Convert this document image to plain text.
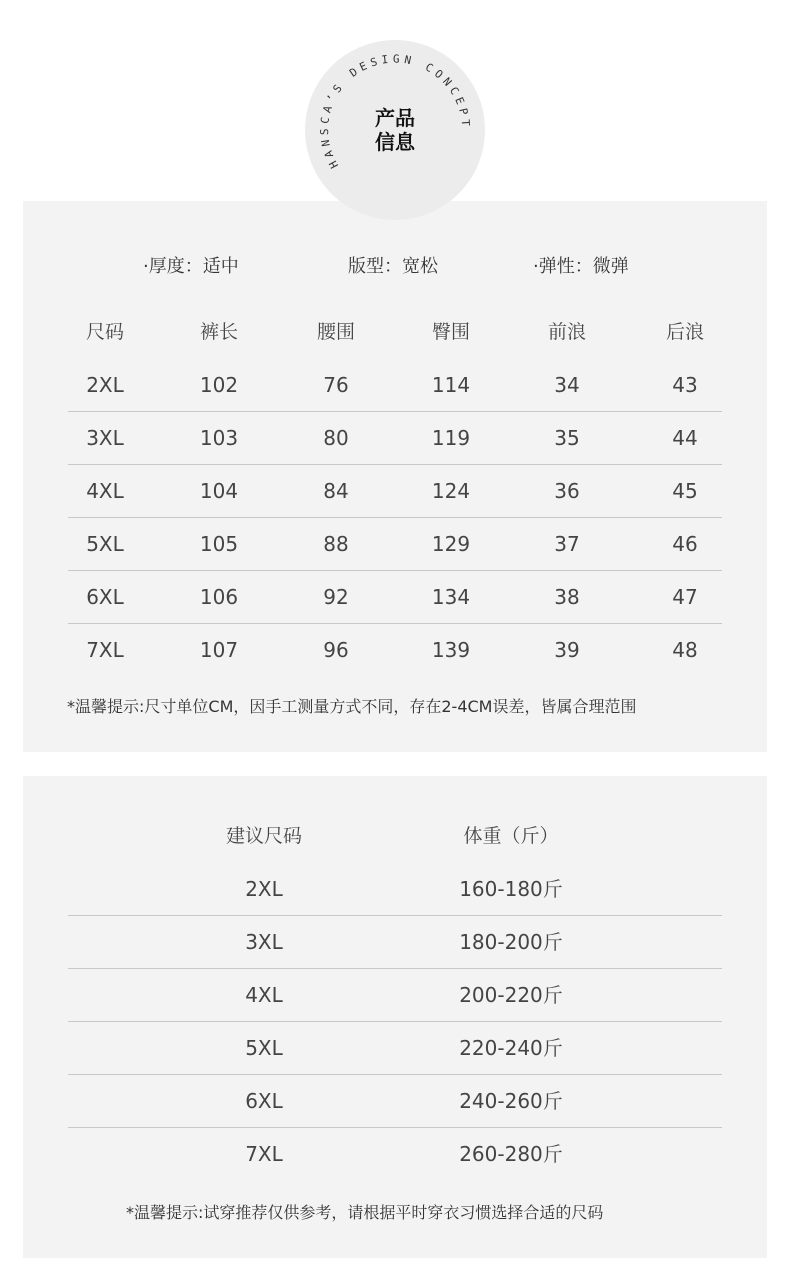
HANSCA’S DESIGN CONCEPT
产品
信息
·厚度：适中	版型：宽松	·弹性：微弹
尺码	裤长	腰围	臀围	前浪	后浪
2XL	102	76	114	34	43
3XL	103	80	119	35	44
4XL	104	84	124	36	45
5XL	105	88	129	37	46
6XL	106	92	134	38	47
7XL	107	96	139	39	48
*温馨提示:尺寸单位CM，因手工测量方式不同，存在2-4CM误差，皆属合理范围
建议尺码	体重（斤）
2XL	160-180斤
3XL	180-200斤
4XL	200-220斤
5XL	220-240斤
6XL	240-260斤
7XL	260-280斤
*温馨提示:试穿推荐仅供参考，请根据平时穿衣习惯选择合适的尺码
